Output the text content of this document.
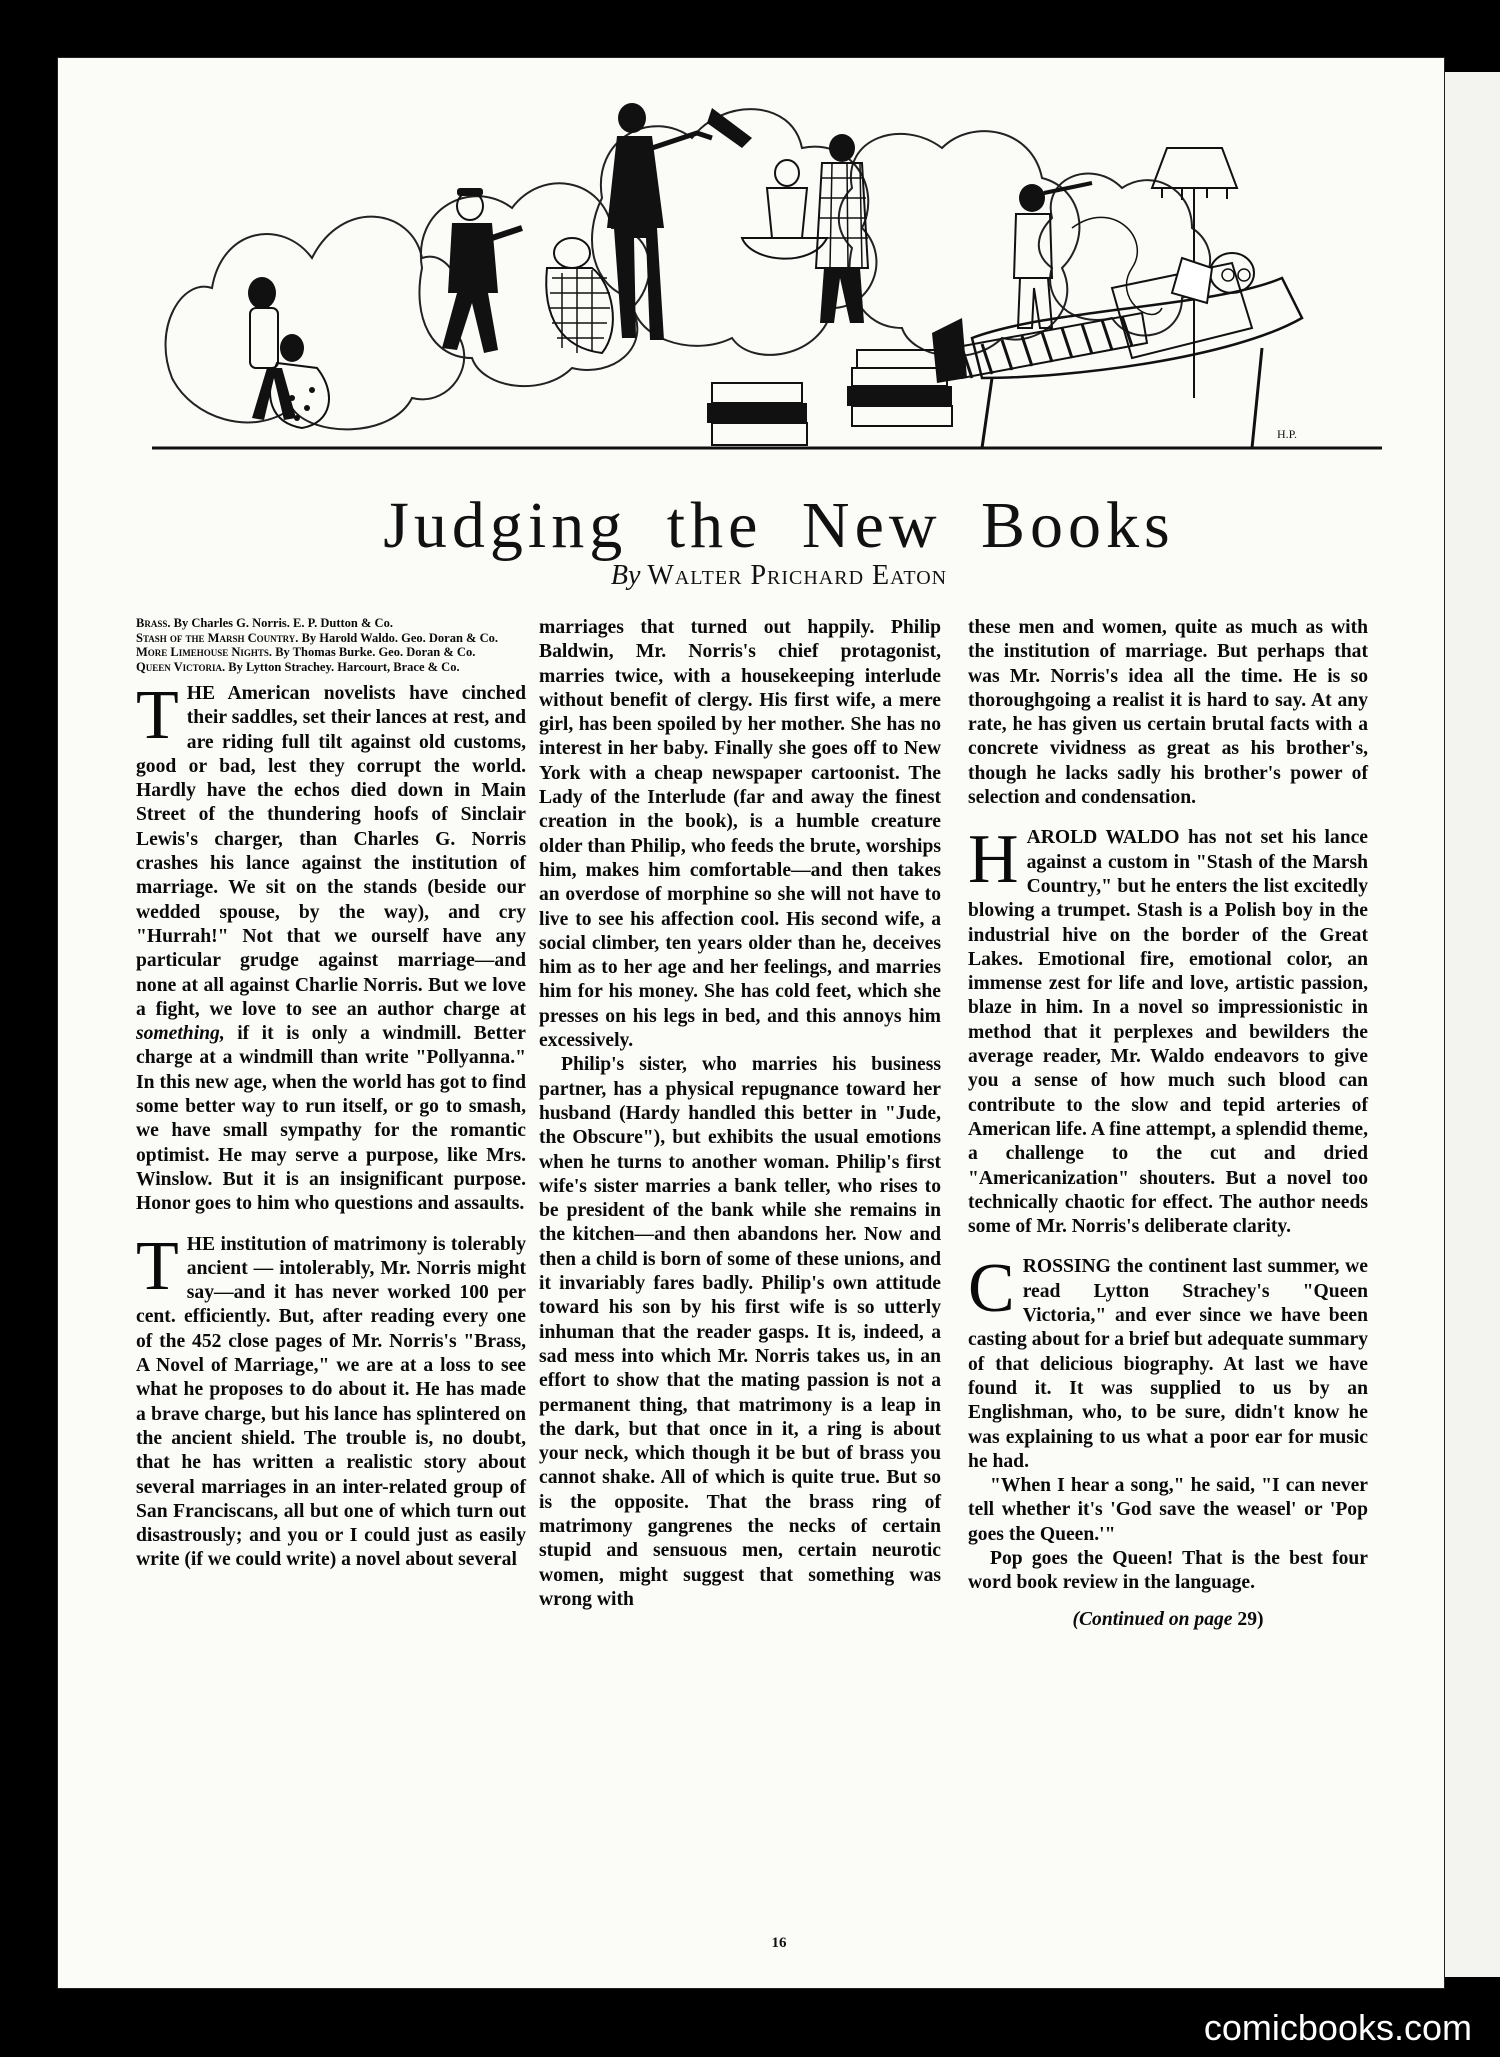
H.P.
Judging the New Books
By Walter Prichard Eaton
Brass. By Charles G. Norris. E. P. Dutton & Co.
Stash of the Marsh Country. By Harold Waldo. Geo. Doran & Co.
More Limehouse Nights. By Thomas Burke. Geo. Doran & Co.
Queen Victoria. By Lytton Strachey. Harcourt, Brace & Co.

THE American novelists have cinched their saddles, set their lances at rest, and are riding full tilt against old customs, good or bad, lest they corrupt the world. Hardly have the echos died down in Main Street of the thundering hoofs of Sinclair Lewis's charger, than Charles G. Norris crashes his lance against the institution of marriage. We sit on the stands (beside our wedded spouse, by the way), and cry "Hurrah!" Not that we ourself have any particular grudge against marriage—and none at all against Charlie Norris. But we love a fight, we love to see an author charge at something, if it is only a windmill. Better charge at a windmill than write "Pollyanna." In this new age, when the world has got to find some better way to run itself, or go to smash, we have small sympathy for the romantic optimist. He may serve a purpose, like Mrs. Winslow. But it is an insignificant purpose. Honor goes to him who questions and assaults.

THE institution of matrimony is tolerably ancient — intolerably, Mr. Norris might say—and it has never worked 100 per cent. efficiently. But, after reading every one of the 452 close pages of Mr. Norris's "Brass, A Novel of Marriage," we are at a loss to see what he proposes to do about it. He has made a brave charge, but his lance has splintered on the ancient shield. The trouble is, no doubt, that he has written a realistic story about several marriages in an inter-related group of San Franciscans, all but one of which turn out disastrously; and you or I could just as easily write (if we could write) a novel about several

marriages that turned out happily. Philip Baldwin, Mr. Norris's chief protagonist, marries twice, with a housekeeping interlude without benefit of clergy. His first wife, a mere girl, has been spoiled by her mother. She has no interest in her baby. Finally she goes off to New York with a cheap newspaper cartoonist. The Lady of the Interlude (far and away the finest creation in the book), is a humble creature older than Philip, who feeds the brute, worships him, makes him comfortable—and then takes an overdose of morphine so she will not have to live to see his affection cool. His second wife, a social climber, ten years older than he, deceives him as to her age and her feelings, and marries him for his money. She has cold feet, which she presses on his legs in bed, and this annoys him excessively.

Philip's sister, who marries his business partner, has a physical repugnance toward her husband (Hardy handled this better in "Jude, the Obscure"), but exhibits the usual emotions when he turns to another woman. Philip's first wife's sister marries a bank teller, who rises to be president of the bank while she remains in the kitchen—and then abandons her. Now and then a child is born of some of these unions, and it invariably fares badly. Philip's own attitude toward his son by his first wife is so utterly inhuman that the reader gasps. It is, indeed, a sad mess into which Mr. Norris takes us, in an effort to show that the mating passion is not a permanent thing, that matrimony is a leap in the dark, but that once in it, a ring is about your neck, which though it be but of brass you cannot shake. All of which is quite true. But so is the opposite. That the brass ring of matrimony gangrenes the necks of certain stupid and sensuous men, certain neurotic women, might suggest that something was wrong with

these men and women, quite as much as with the institution of marriage. But perhaps that was Mr. Norris's idea all the time. He is so thoroughgoing a realist it is hard to say. At any rate, he has given us certain brutal facts with a concrete vividness as great as his brother's, though he lacks sadly his brother's power of selection and condensation.

HAROLD WALDO has not set his lance against a custom in "Stash of the Marsh Country," but he enters the list excitedly blowing a trumpet. Stash is a Polish boy in the industrial hive on the border of the Great Lakes. Emotional fire, emotional color, an immense zest for life and love, artistic passion, blaze in him. In a novel so impressionistic in method that it perplexes and bewilders the average reader, Mr. Waldo endeavors to give you a sense of how much such blood can contribute to the slow and tepid arteries of American life. A fine attempt, a splendid theme, a challenge to the cut and dried "Americanization" shouters. But a novel too technically chaotic for effect. The author needs some of Mr. Norris's deliberate clarity.

CROSSING the continent last summer, we read Lytton Strachey's "Queen Victoria," and ever since we have been casting about for a brief but adequate summary of that delicious biography. At last we have found it. It was supplied to us by an Englishman, who, to be sure, didn't know he was explaining to us what a poor ear for music he had.

"When I hear a song," he said, "I can never tell whether it's 'God save the weasel' or 'Pop goes the Queen.'"

Pop goes the Queen! That is the best four word book review in the language.

(Continued on page 29)

16
comicbooks.com
